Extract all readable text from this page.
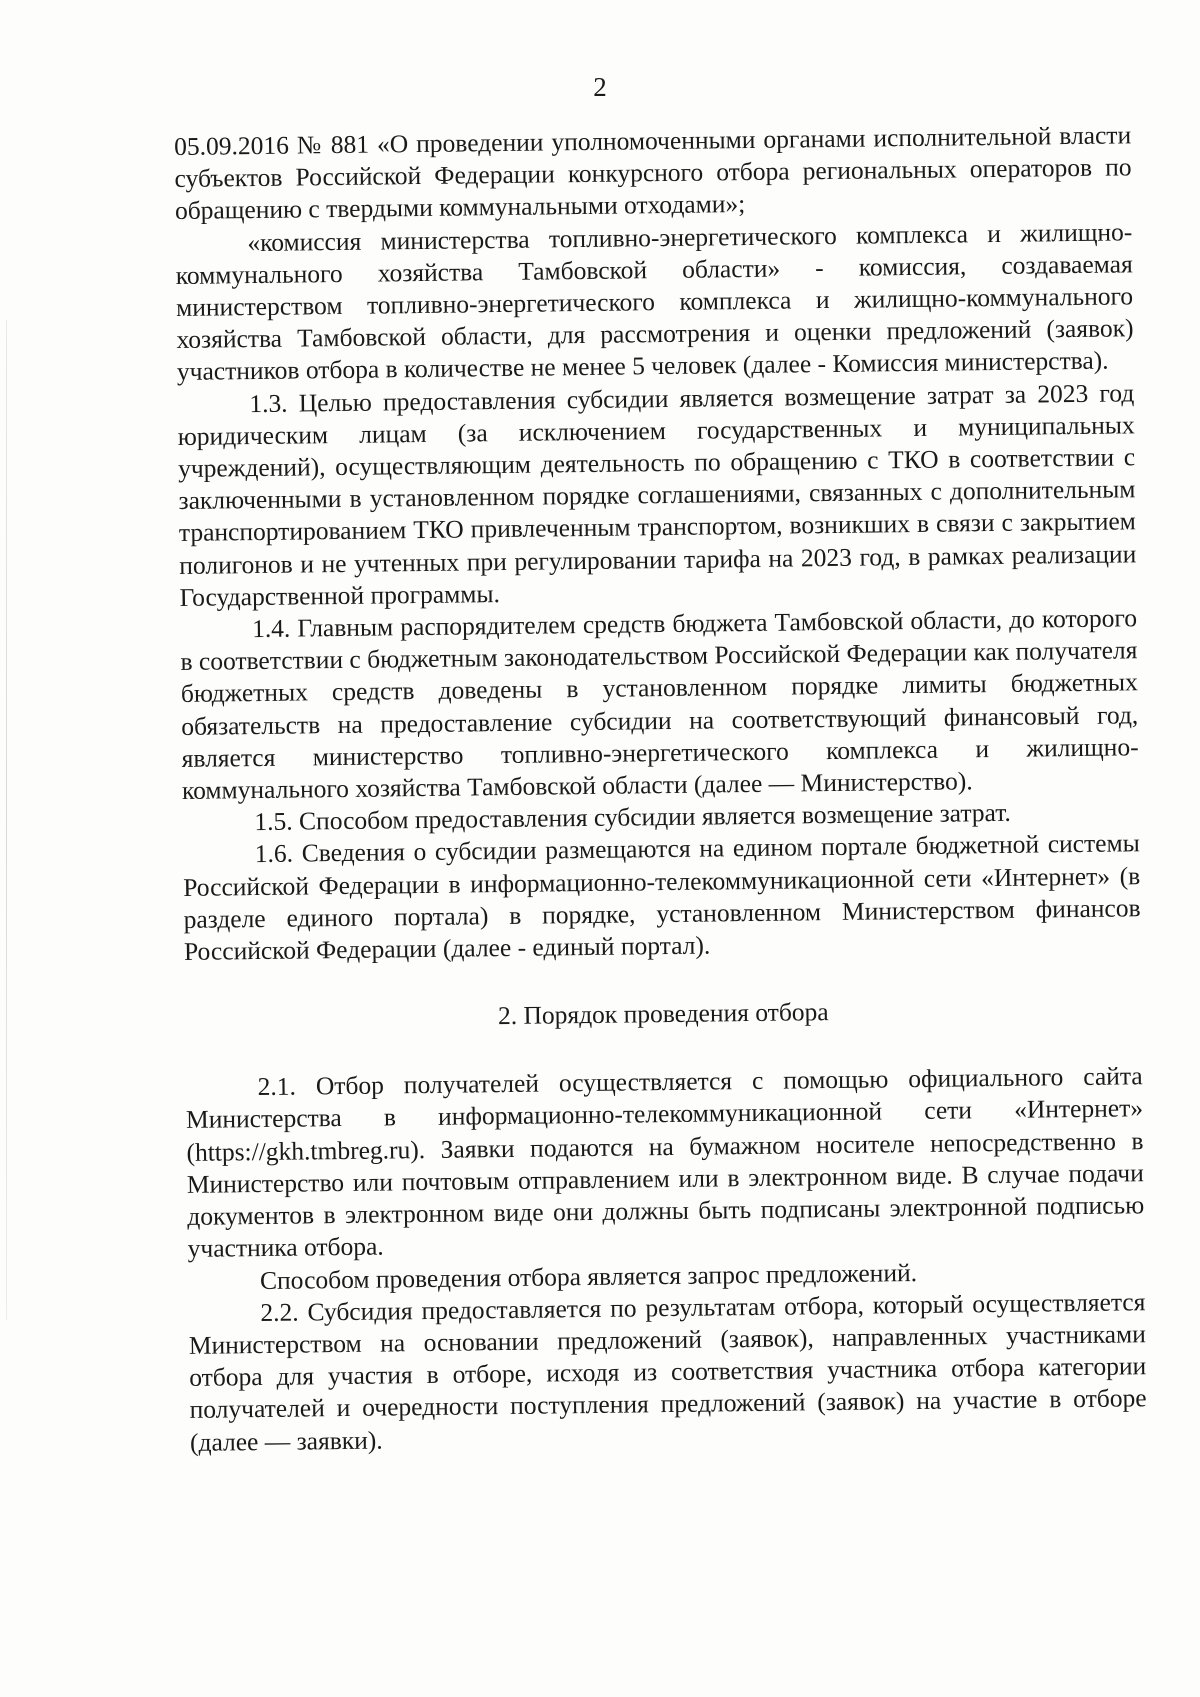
2

05.09.2016 № 881 «О проведении уполномоченными органами исполнительной власти субъектов Российской Федерации конкурсного отбора региональных операторов по обращению с твердыми коммунальными отходами»;

«комиссия министерства топливно-энергетического комплекса и жилищно-коммунального хозяйства Тамбовской области» - комиссия, создаваемая министерством топливно-энергетического комплекса и жилищно-коммунального хозяйства Тамбовской области, для рассмотрения и оценки предложений (заявок) участников отбора в количестве не менее 5 человек (далее - Комиссия министерства).

1.3. Целью предоставления субсидии является возмещение затрат за 2023 год юридическим лицам (за исключением государственных и муниципальных учреждений), осуществляющим деятельность по обращению с ТКО в соответствии с заключенными в установленном порядке соглашениями, связанных с дополнительным транспортированием ТКО привлеченным транспортом, возникших в связи с закрытием полигонов и не учтенных при регулировании тарифа на 2023 год, в рамках реализации Государственной программы.

1.4. Главным распорядителем средств бюджета Тамбовской области, до которого в соответствии с бюджетным законодательством Российской Федерации как получателя бюджетных средств доведены в установленном порядке лимиты бюджетных обязательств на предоставление субсидии на соответствующий финансовый год, является министерство топливно-энергетического комплекса и жилищно-коммунального хозяйства Тамбовской области (далее — Министерство).

1.5. Способом предоставления субсидии является возмещение затрат.

1.6. Сведения о субсидии размещаются на едином портале бюджетной системы Российской Федерации в информационно-телекоммуникационной сети «Интернет» (в разделе единого портала) в порядке, установленном Министерством финансов Российской Федерации (далее - единый портал).

2. Порядок проведения отбора

2.1. Отбор получателей осуществляется с помощью официального сайта Министерства в информационно-телекоммуникационной сети «Интернет» (https://gkh.tmbreg.ru). Заявки подаются на бумажном носителе непосредственно в Министерство или почтовым отправлением или в электронном виде. В случае подачи документов в электронном виде они должны быть подписаны электронной подписью участника отбора.

Способом проведения отбора является запрос предложений.

2.2. Субсидия предоставляется по результатам отбора, который осуществляется Министерством на основании предложений (заявок), направленных участниками отбора для участия в отборе, исходя из соответствия участника отбора категории получателей и очередности поступления предложений (заявок) на участие в отборе (далее — заявки).
